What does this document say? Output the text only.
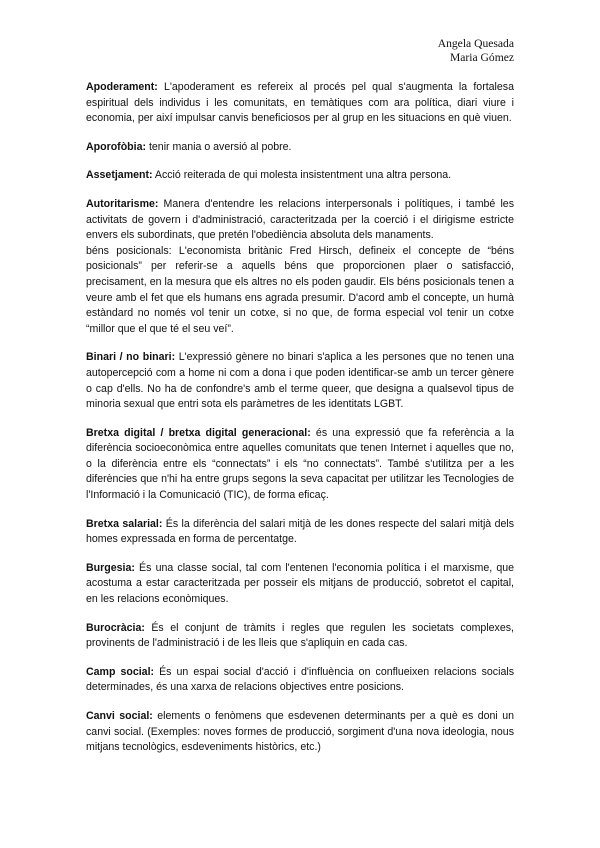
Angela Quesada
Maria Gómez

Apoderament: L'apoderament es refereix al procés pel qual s'augmenta la fortalesa espiritual dels individus i les comunitats, en temàtiques com ara política, diari viure i economia, per així impulsar canvis beneficiosos per al grup en les situacions en què viuen.

Aporofòbia: tenir mania o aversió al pobre.

Assetjament: Acció reiterada de qui molesta insistentment una altra persona.

Autoritarisme: Manera d'entendre les relacions interpersonals i polítiques, i també les activitats de govern i d'administració, caracteritzada per la coerció i el dirigisme estricte envers els subordinats, que pretén l'obediència absoluta dels manaments.
béns posicionals: L'economista britànic Fred Hirsch, defineix el concepte de “béns posicionals” per referir-se a aquells béns que proporcionen plaer o satisfacció, precisament, en la mesura que els altres no els poden gaudir. Els béns posicionals tenen a veure amb el fet que els humans ens agrada presumir. D'acord amb el concepte, un humà estàndard no només vol tenir un cotxe, si no que, de forma especial vol tenir un cotxe “millor que el que té el seu veí”.

Binari / no binari: L'expressió gènere no binari s'aplica a les persones que no tenen una autopercepció com a home ni com a dona i que poden identificar-se amb un tercer gènere o cap d'ells. No ha de confondre's amb el terme queer, que designa a qualsevol tipus de minoria sexual que entri sota els paràmetres de les identitats LGBT.

Bretxa digital / bretxa digital generacional: és una expressió que fa referència a la diferència socioeconòmica entre aquelles comunitats que tenen Internet i aquelles que no, o la diferència entre els “connectats” i els “no connectats”. També s'utilitza per a les diferències que n'hi ha entre grups segons la seva capacitat per utilitzar les Tecnologies de l'Informació i la Comunicació (TIC), de forma eficaç.

Bretxa salarial: És la diferència del salari mitjà de les dones respecte del salari mitjà dels homes expressada en forma de percentatge.

Burgesia: És una classe social, tal com l'entenen l'economia política i el marxisme, que acostuma a estar caracteritzada per posseir els mitjans de producció, sobretot el capital, en les relacions econòmiques.

Burocràcia: És el conjunt de tràmits i regles que regulen les societats complexes, provinents de l'administració i de les lleis que s'apliquin en cada cas.

Camp social: És un espai social d'acció i d'influència on conflueixen relacions socials determinades, és una xarxa de relacions objectives entre posicions.

Canvi social: elements o fenòmens que esdevenen determinants per a què es doni un canvi social. (Exemples: noves formes de producció, sorgiment d'una nova ideologia, nous mitjans tecnològics, esdeveniments històrics, etc.)
